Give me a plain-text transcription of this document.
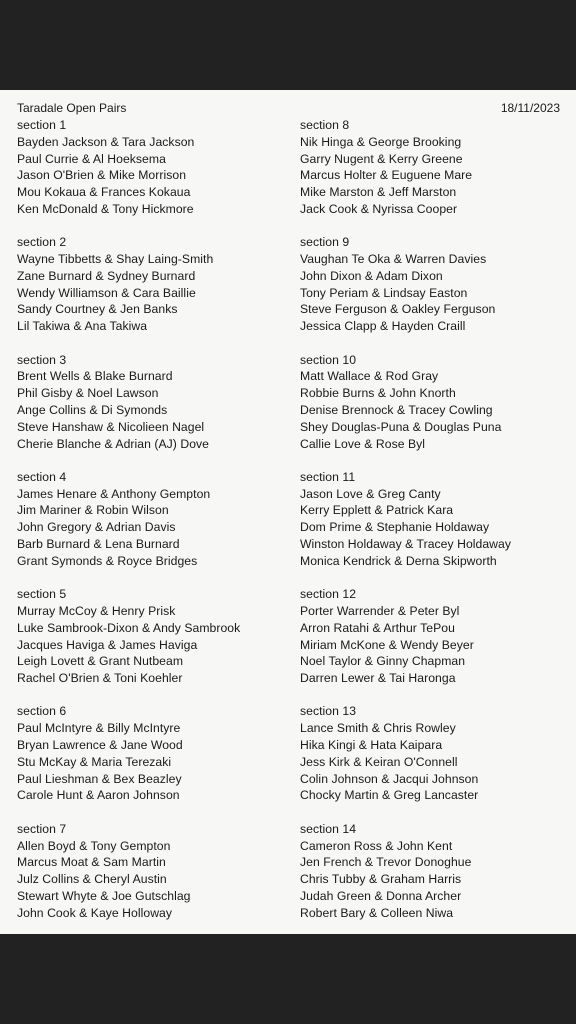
Taradale Open Pairs	18/11/2023
section 1
Bayden Jackson & Tara Jackson
Paul Currie & Al Hoeksema
Jason O'Brien & Mike Morrison
Mou Kokaua & Frances Kokaua
Ken McDonald & Tony Hickmore
section 2
Wayne Tibbetts & Shay Laing-Smith
Zane Burnard & Sydney Burnard
Wendy Williamson & Cara Baillie
Sandy Courtney & Jen Banks
Lil Takiwa & Ana Takiwa
section 3
Brent Wells & Blake Burnard
Phil Gisby & Noel Lawson
Ange Collins & Di Symonds
Steve Hanshaw & Nicolieen Nagel
Cherie Blanche & Adrian (AJ) Dove
section 4
James Henare & Anthony Gempton
Jim Mariner & Robin Wilson
John Gregory & Adrian Davis
Barb Burnard & Lena Burnard
Grant Symonds & Royce Bridges
section 5
Murray McCoy & Henry Prisk
Luke Sambrook-Dixon & Andy Sambrook
Jacques Haviga & James Haviga
Leigh Lovett & Grant Nutbeam
Rachel O'Brien & Toni Koehler
section 6
Paul McIntyre & Billy McIntyre
Bryan Lawrence & Jane Wood
Stu McKay & Maria Terezaki
Paul Lieshman & Bex Beazley
Carole Hunt & Aaron Johnson
section 7
Allen Boyd & Tony Gempton
Marcus Moat & Sam Martin
Julz Collins & Cheryl Austin
Stewart Whyte & Joe Gutschlag
John Cook & Kaye Holloway
section 8
Nik Hinga & George Brooking
Garry Nugent & Kerry Greene
Marcus Holter & Euguene Mare
Mike Marston & Jeff Marston
Jack Cook & Nyrissa Cooper
section 9
Vaughan Te Oka & Warren Davies
John Dixon & Adam Dixon
Tony Periam & Lindsay Easton
Steve Ferguson & Oakley Ferguson
Jessica Clapp & Hayden Craill
section 10
Matt Wallace & Rod Gray
Robbie Burns & John Knorth
Denise Brennock & Tracey Cowling
Shey Douglas-Puna & Douglas Puna
Callie Love & Rose Byl
section 11
Jason Love & Greg Canty
Kerry Epplett & Patrick Kara
Dom Prime & Stephanie Holdaway
Winston Holdaway & Tracey Holdaway
Monica Kendrick & Derna Skipworth
section 12
Porter Warrender & Peter Byl
Arron Ratahi & Arthur TePou
Miriam McKone & Wendy Beyer
Noel Taylor & Ginny Chapman
Darren Lewer & Tai Haronga
section 13
Lance Smith & Chris Rowley
Hika Kingi & Hata Kaipara
Jess Kirk & Keiran O'Connell
Colin Johnson & Jacqui Johnson
Chocky Martin & Greg Lancaster
section 14
Cameron Ross & John Kent
Jen French & Trevor Donoghue
Chris Tubby & Graham Harris
Judah Green & Donna Archer
Robert Bary & Colleen Niwa
